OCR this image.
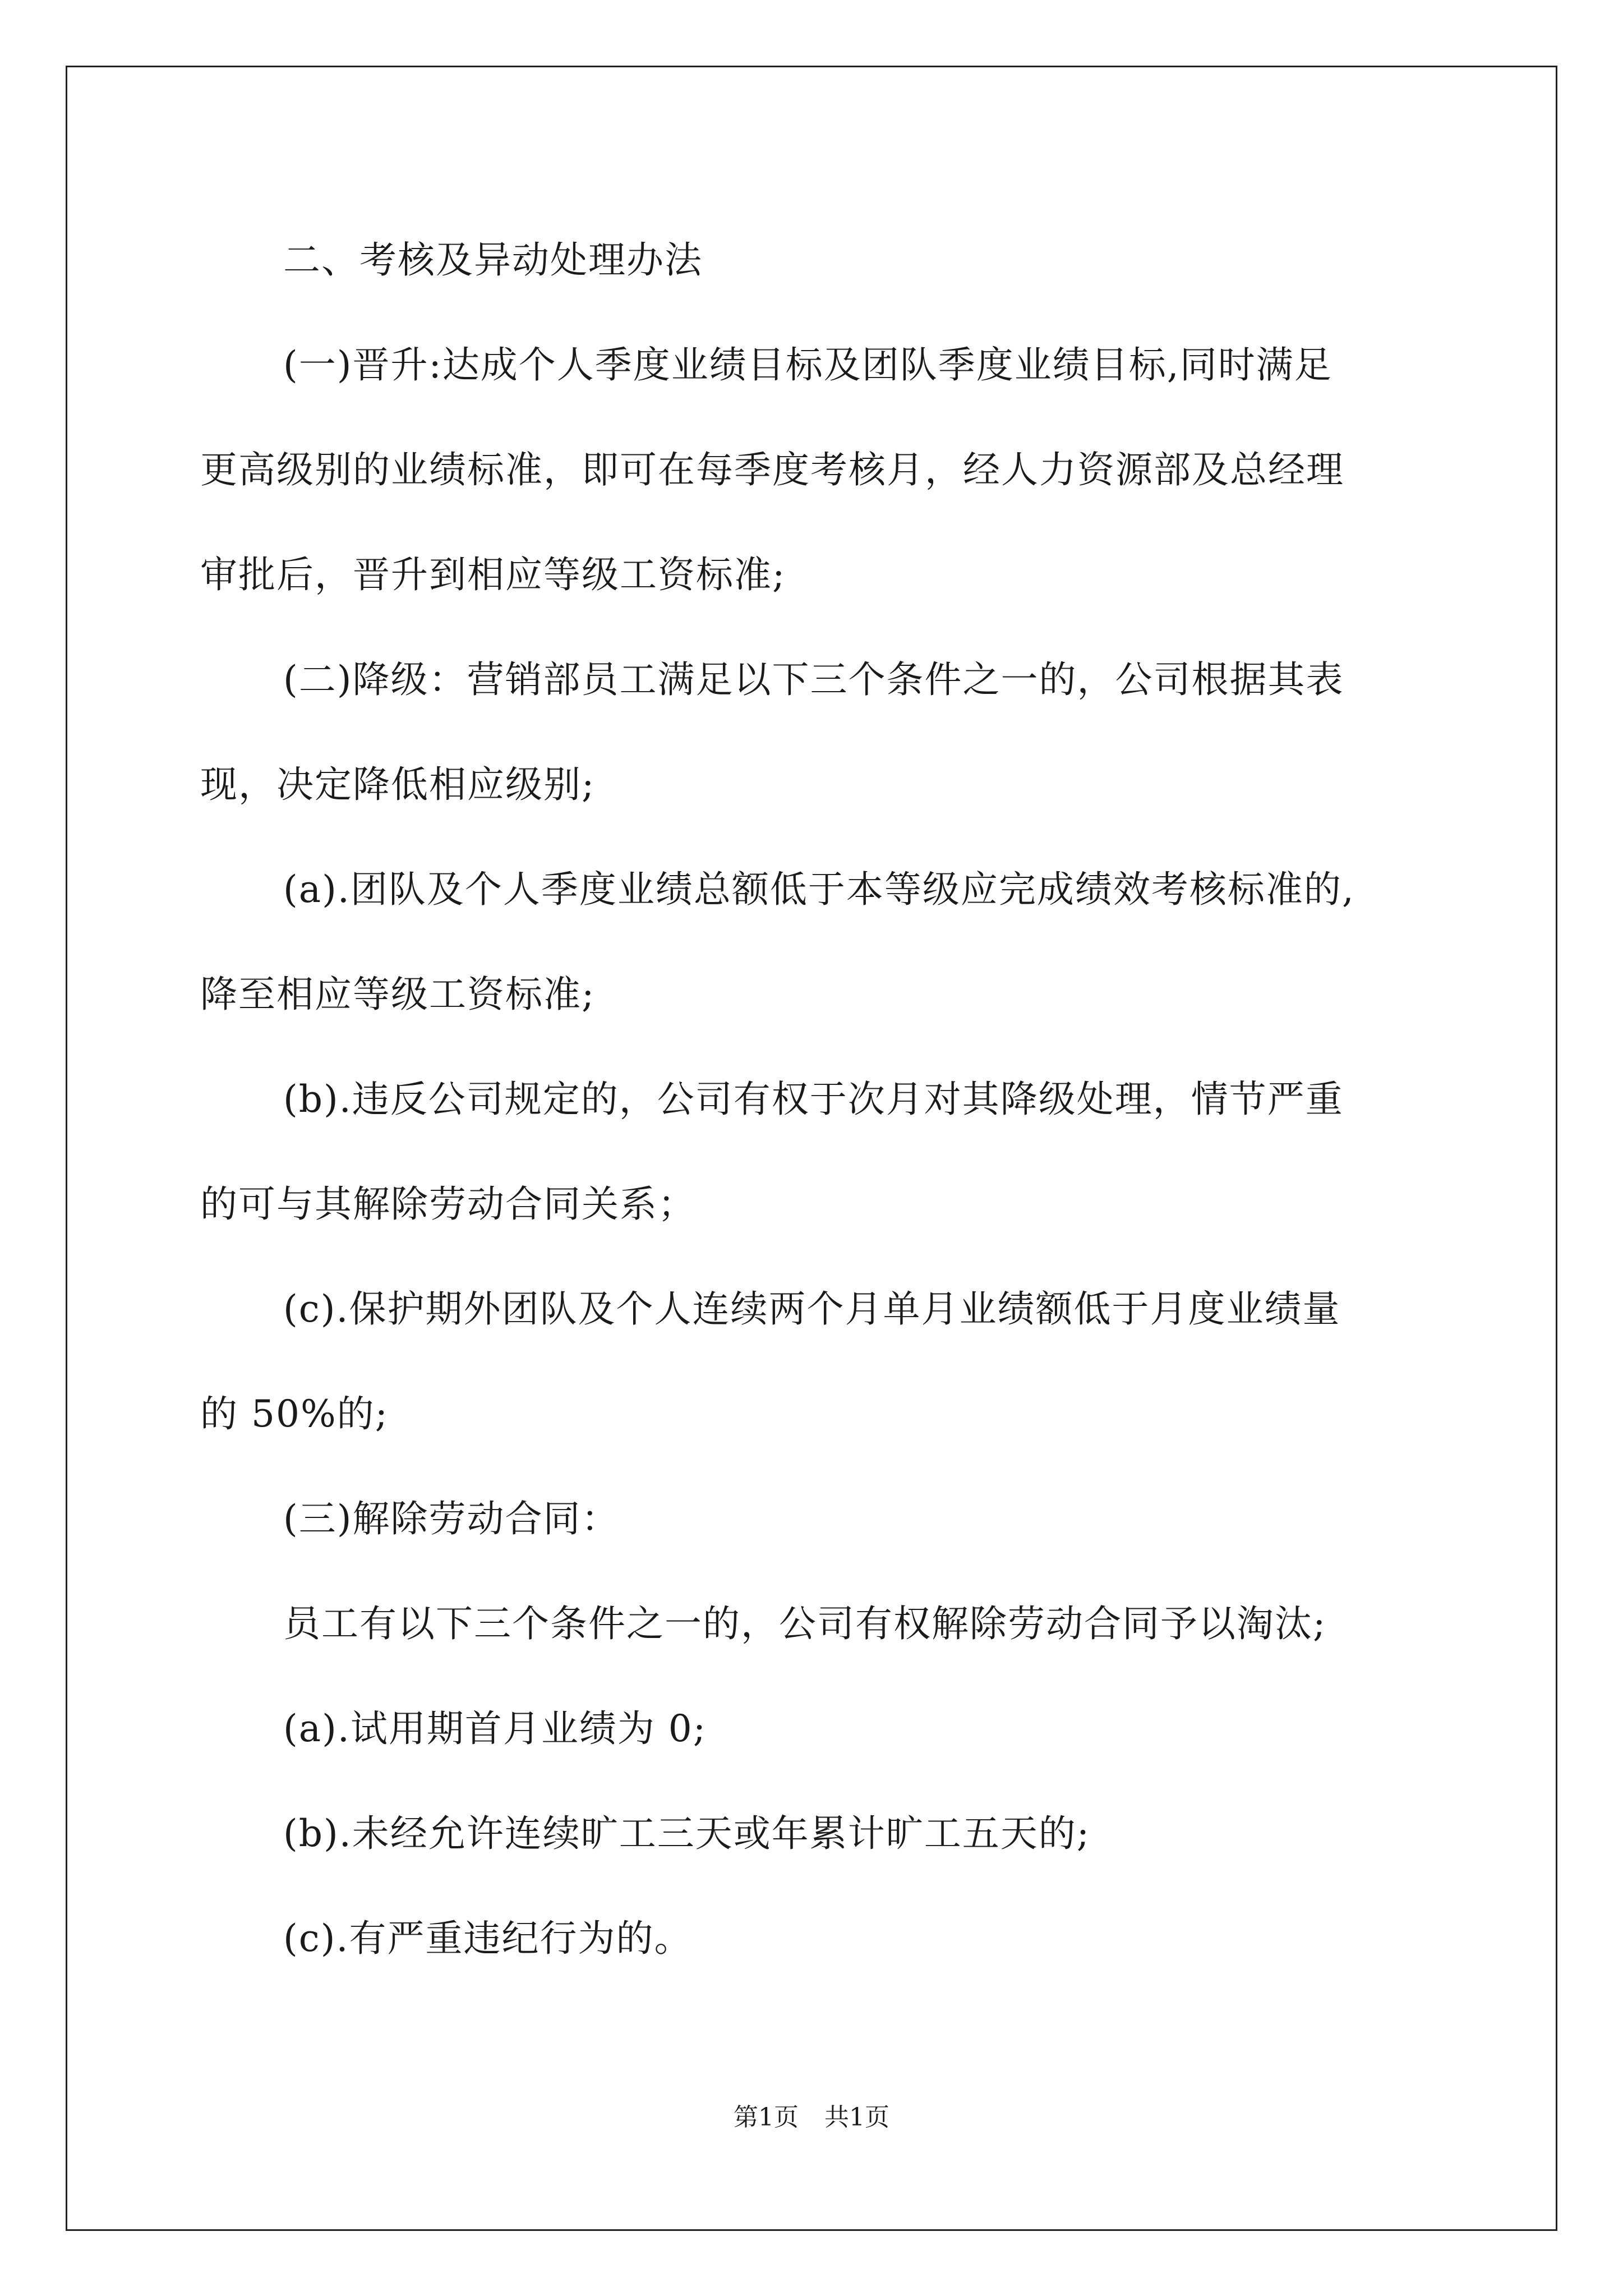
二、考核及异动处理办法

(一)晋升:达成个人季度业绩目标及团队季度业绩目标,同时满足

更高级别的业绩标准，即可在每季度考核月，经人力资源部及总经理

审批后，晋升到相应等级工资标准;

(二)降级：营销部员工满足以下三个条件之一的，公司根据其表

现，决定降低相应级别;

(a).团队及个人季度业绩总额低于本等级应完成绩效考核标准的,

降至相应等级工资标准;

(b).违反公司规定的，公司有权于次月对其降级处理，情节严重

的可与其解除劳动合同关系；

(c).保护期外团队及个人连续两个月单月业绩额低于月度业绩量

的 50%的;

(三)解除劳动合同：

员工有以下三个条件之一的，公司有权解除劳动合同予以淘汰;

(a).试用期首月业绩为 0;

(b).未经允许连续旷工三天或年累计旷工五天的;

(c).有严重违纪行为的。

第1页 共1页
